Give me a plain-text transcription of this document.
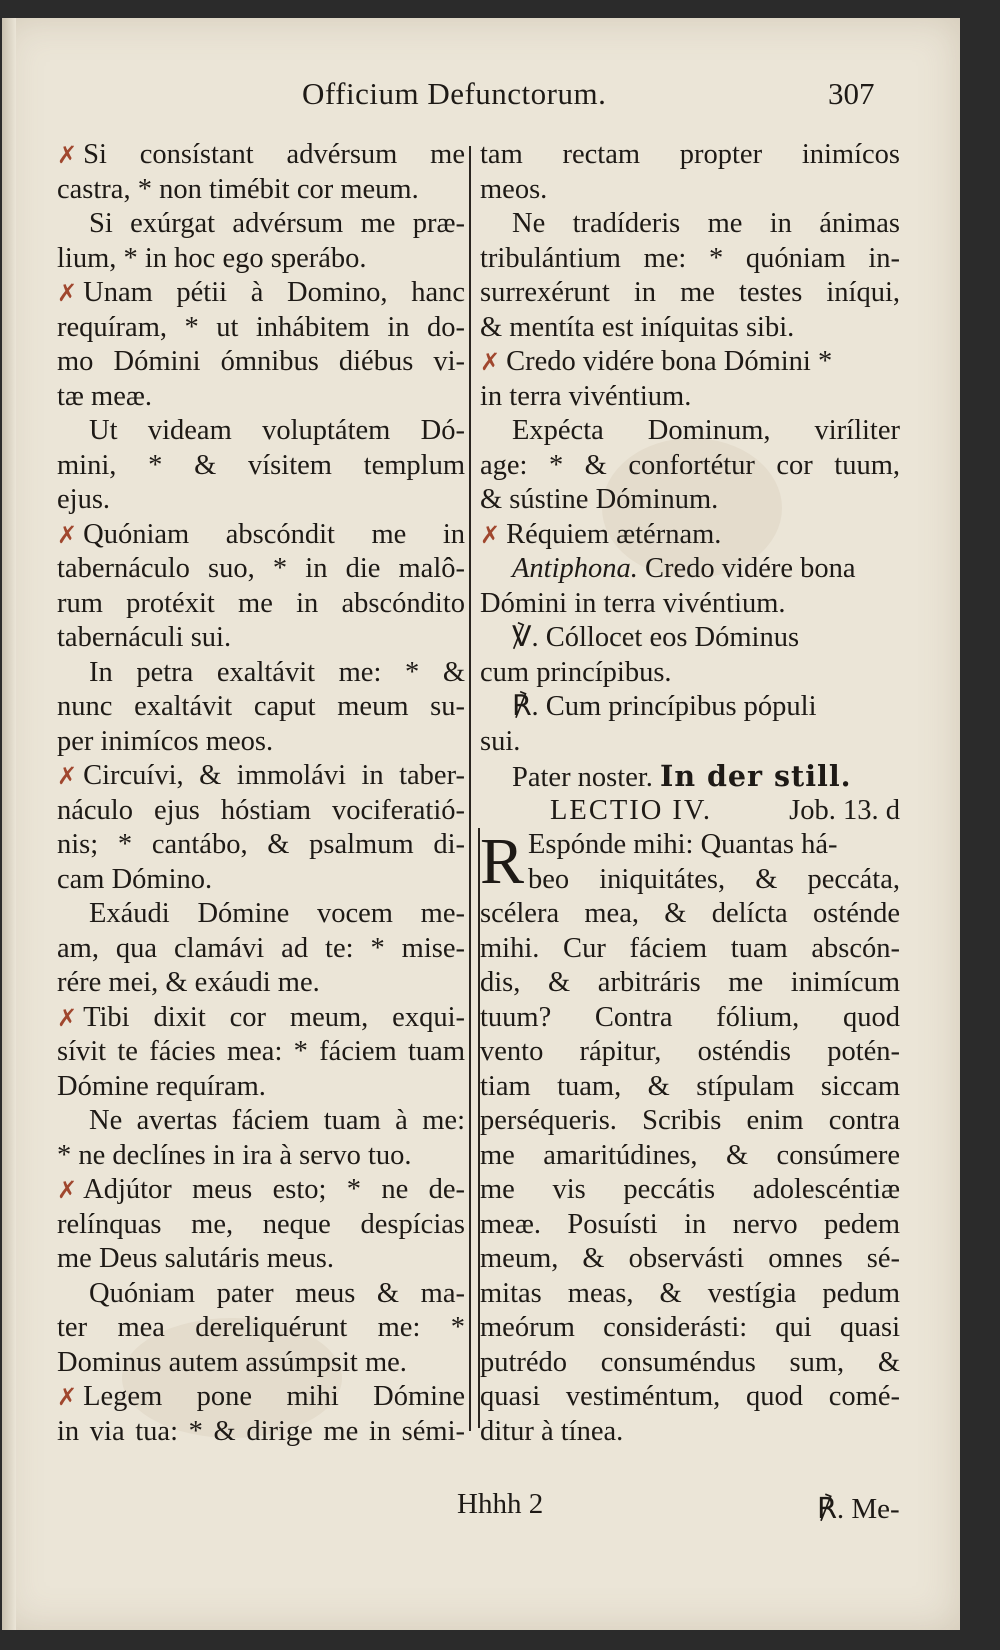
Officium Defunctorum.	307
✗ Si consístant advérsum me
castra, * non timébit cor meum.
Si exúrgat advérsum me præ-
lium, * in hoc ego sperábo.
✗ Unam pétii à Domino, hanc
requíram, * ut inhábitem in do-
mo Dómini ómnibus diébus vi-
tæ meæ.
Ut videam voluptátem Dó-
mini, * & vísitem templum
ejus.
✗ Quóniam abscóndit me in
tabernáculo suo, * in die malô-
rum protéxit me in abscóndito
tabernáculi sui.
In petra exaltávit me: * &
nunc exaltávit caput meum su-
per inimícos meos.
✗ Circuívi, & immolávi in taber-
náculo ejus hóstiam vociferatió-
nis; * cantábo, & psalmum di-
cam Dómino.
Exáudi Dómine vocem me-
am, qua clamávi ad te: * mise-
rére mei, & exáudi me.
✗ Tibi dixit cor meum, exqui-
sívit te fácies mea: * fáciem tuam
Dómine requíram.
Ne avertas fáciem tuam à me:
* ne declínes in ira à servo tuo.
✗ Adjútor meus esto; * ne de-
relínquas me, neque despícias
me Deus salutáris meus.
Quóniam pater meus & ma-
ter mea dereliquérunt me: *
Dominus autem assúmpsit me.
✗ Legem pone mihi Dómine
in via tua: * & dirige me in sémi-
tam rectam propter inimícos
meos.
Ne tradíderis me in ánimas
tribulántium me: * quóniam in-
surrexérunt in me testes iníqui,
& mentíta est iníquitas sibi.
✗ Credo vidére bona Dómini *
in terra vivéntium.
Expécta Dominum, viríliter
age: * & confortétur cor tuum,
& sústine Dóminum.
✗ Réquiem ætérnam.
Antiphona. Credo vidére bona
Dómini in terra vivéntium.
℣. Cóllocet eos Dóminus
cum princípibus.
℟. Cum princípibus pópuli
sui.
Pater noster. In der still.
LECTIO IV.	Job. 13. d
R Espónde mihi: Quantas há-
beo iniquitátes, & peccáta,
scélera mea, & delícta osténde
mihi. Cur fáciem tuam abscón-
dis, & arbitráris me inimícum
tuum? Contra fólium, quod
vento rápitur, osténdis potén-
tiam tuam, & stípulam siccam
perséqueris. Scribis enim contra
me amaritúdines, & consúmere
me vis peccátis adolescéntiæ
meæ. Posuísti in nervo pedem
meum, & observásti omnes sé-
mitas meas, & vestígia pedum
meórum considerásti: qui quasi
putrédo consuméndus sum, &
quasi vestiméntum, quod comé-
ditur à tínea.
Hhhh 2	℟. Me-
